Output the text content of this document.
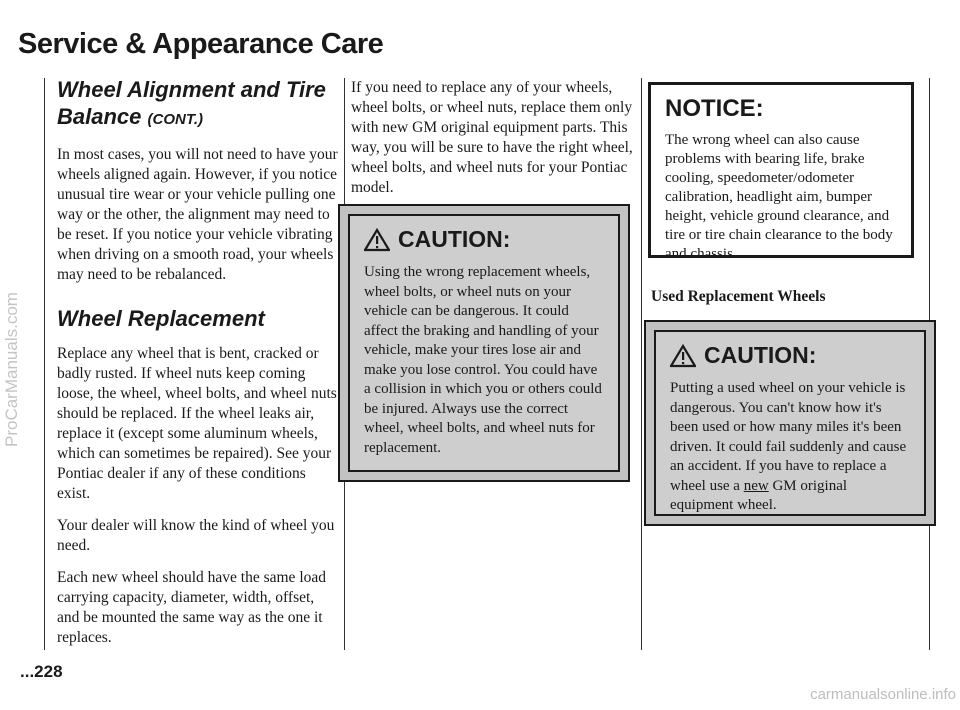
Service & Appearance Care
Wheel Alignment and Tire Balance (CONT.)

In most cases, you will not need to have your wheels aligned again. However, if you notice unusual tire wear or your vehicle pulling one way or the other, the alignment may need to be reset. If you notice your vehicle vibrating when driving on a smooth road, your wheels may need to be rebalanced.

Wheel Replacement

Replace any wheel that is bent, cracked or badly rusted. If wheel nuts keep coming loose, the wheel, wheel bolts, and wheel nuts should be replaced. If the wheel leaks air, replace it (except some aluminum wheels, which can sometimes be repaired). See your Pontiac dealer if any of these conditions exist.

Your dealer will know the kind of wheel you need.

Each new wheel should have the same load carrying capacity, diameter, width, offset, and be mounted the same way as the one it replaces.

If you need to replace any of your wheels, wheel bolts, or wheel nuts, replace them only with new GM original equipment parts. This way, you will be sure to have the right wheel, wheel bolts, and wheel nuts for your Pontiac model.

CAUTION:

Using the wrong replacement wheels, wheel bolts, or wheel nuts on your vehicle can be dangerous. It could affect the braking and handling of your vehicle, make your tires lose air and make you lose control. You could have a collision in which you or others could be injured. Always use the correct wheel, wheel bolts, and wheel nuts for replacement.

NOTICE:

The wrong wheel can also cause problems with bearing life, brake cooling, speedometer/odometer calibration, headlight aim, bumper height, vehicle ground clearance, and tire or tire chain clearance to the body and chassis.

Used Replacement Wheels

CAUTION:

Putting a used wheel on your vehicle is dangerous. You can't know how it's been used or how many miles it's been driven. It could fail suddenly and cause an accident. If you have to replace a wheel use a new GM original equipment wheel.

...228
ProCarManuals.com
carmanualsonline.info
